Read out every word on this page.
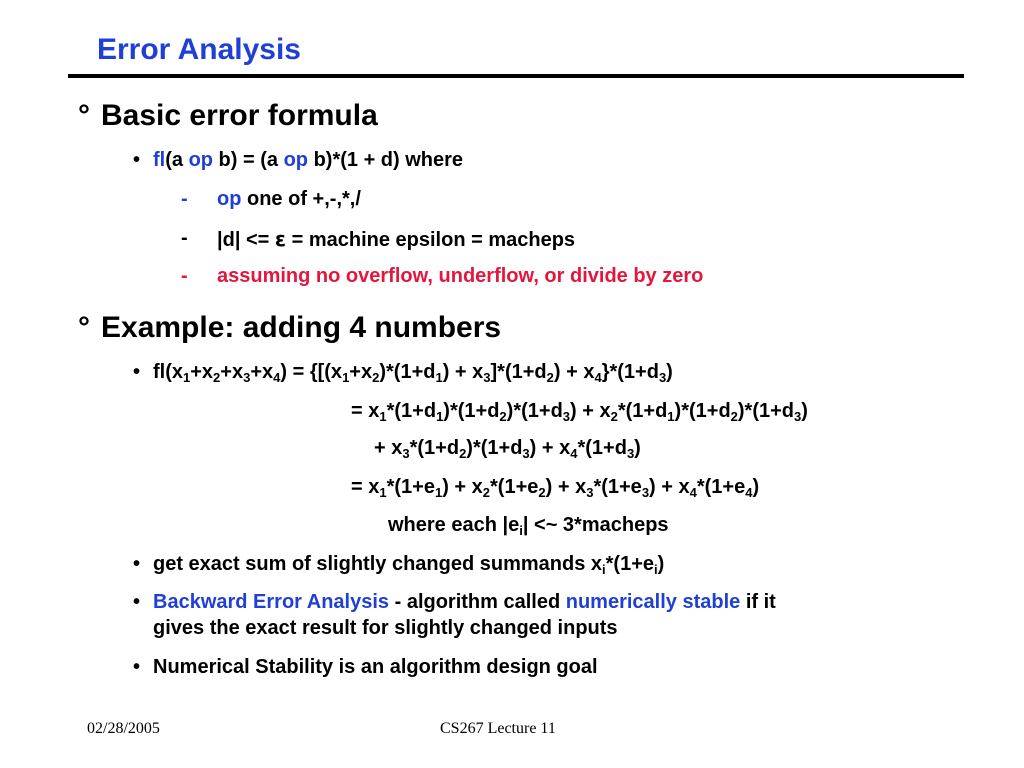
Error Analysis
° Basic error formula
• fl(a op b) = (a op b)*(1 + d) where
- op one of +,-,*,/
- |d| <= ε = machine epsilon = macheps
- assuming no overflow, underflow, or divide by zero
° Example: adding 4 numbers
• $fl(x_1+x_2+x_3+x_4) = \{[(x_1+x_2)*(1+d_1) + x_3]*(1+d_2) + x_4\}*(1+d_3)$
= $x_1*(1+d_1)*(1+d_2)*(1+d_3) + x_2*(1+d_1)*(1+d_2)*(1+d_3)$
+ $x_3*(1+d_2)*(1+d_3) + x_4*(1+d_3)$
= $x_1*(1+e_1) + x_2*(1+e_2) + x_3*(1+e_3) + x_4*(1+e_4)$
where each $|e_i|$ <~ 3*macheps
• get exact sum of slightly changed summands $x_i*(1+e_i)$
• Backward Error Analysis - algorithm called numerically stable if it
gives the exact result for slightly changed inputs
• Numerical Stability is an algorithm design goal
02/28/2005	CS267 Lecture 11
